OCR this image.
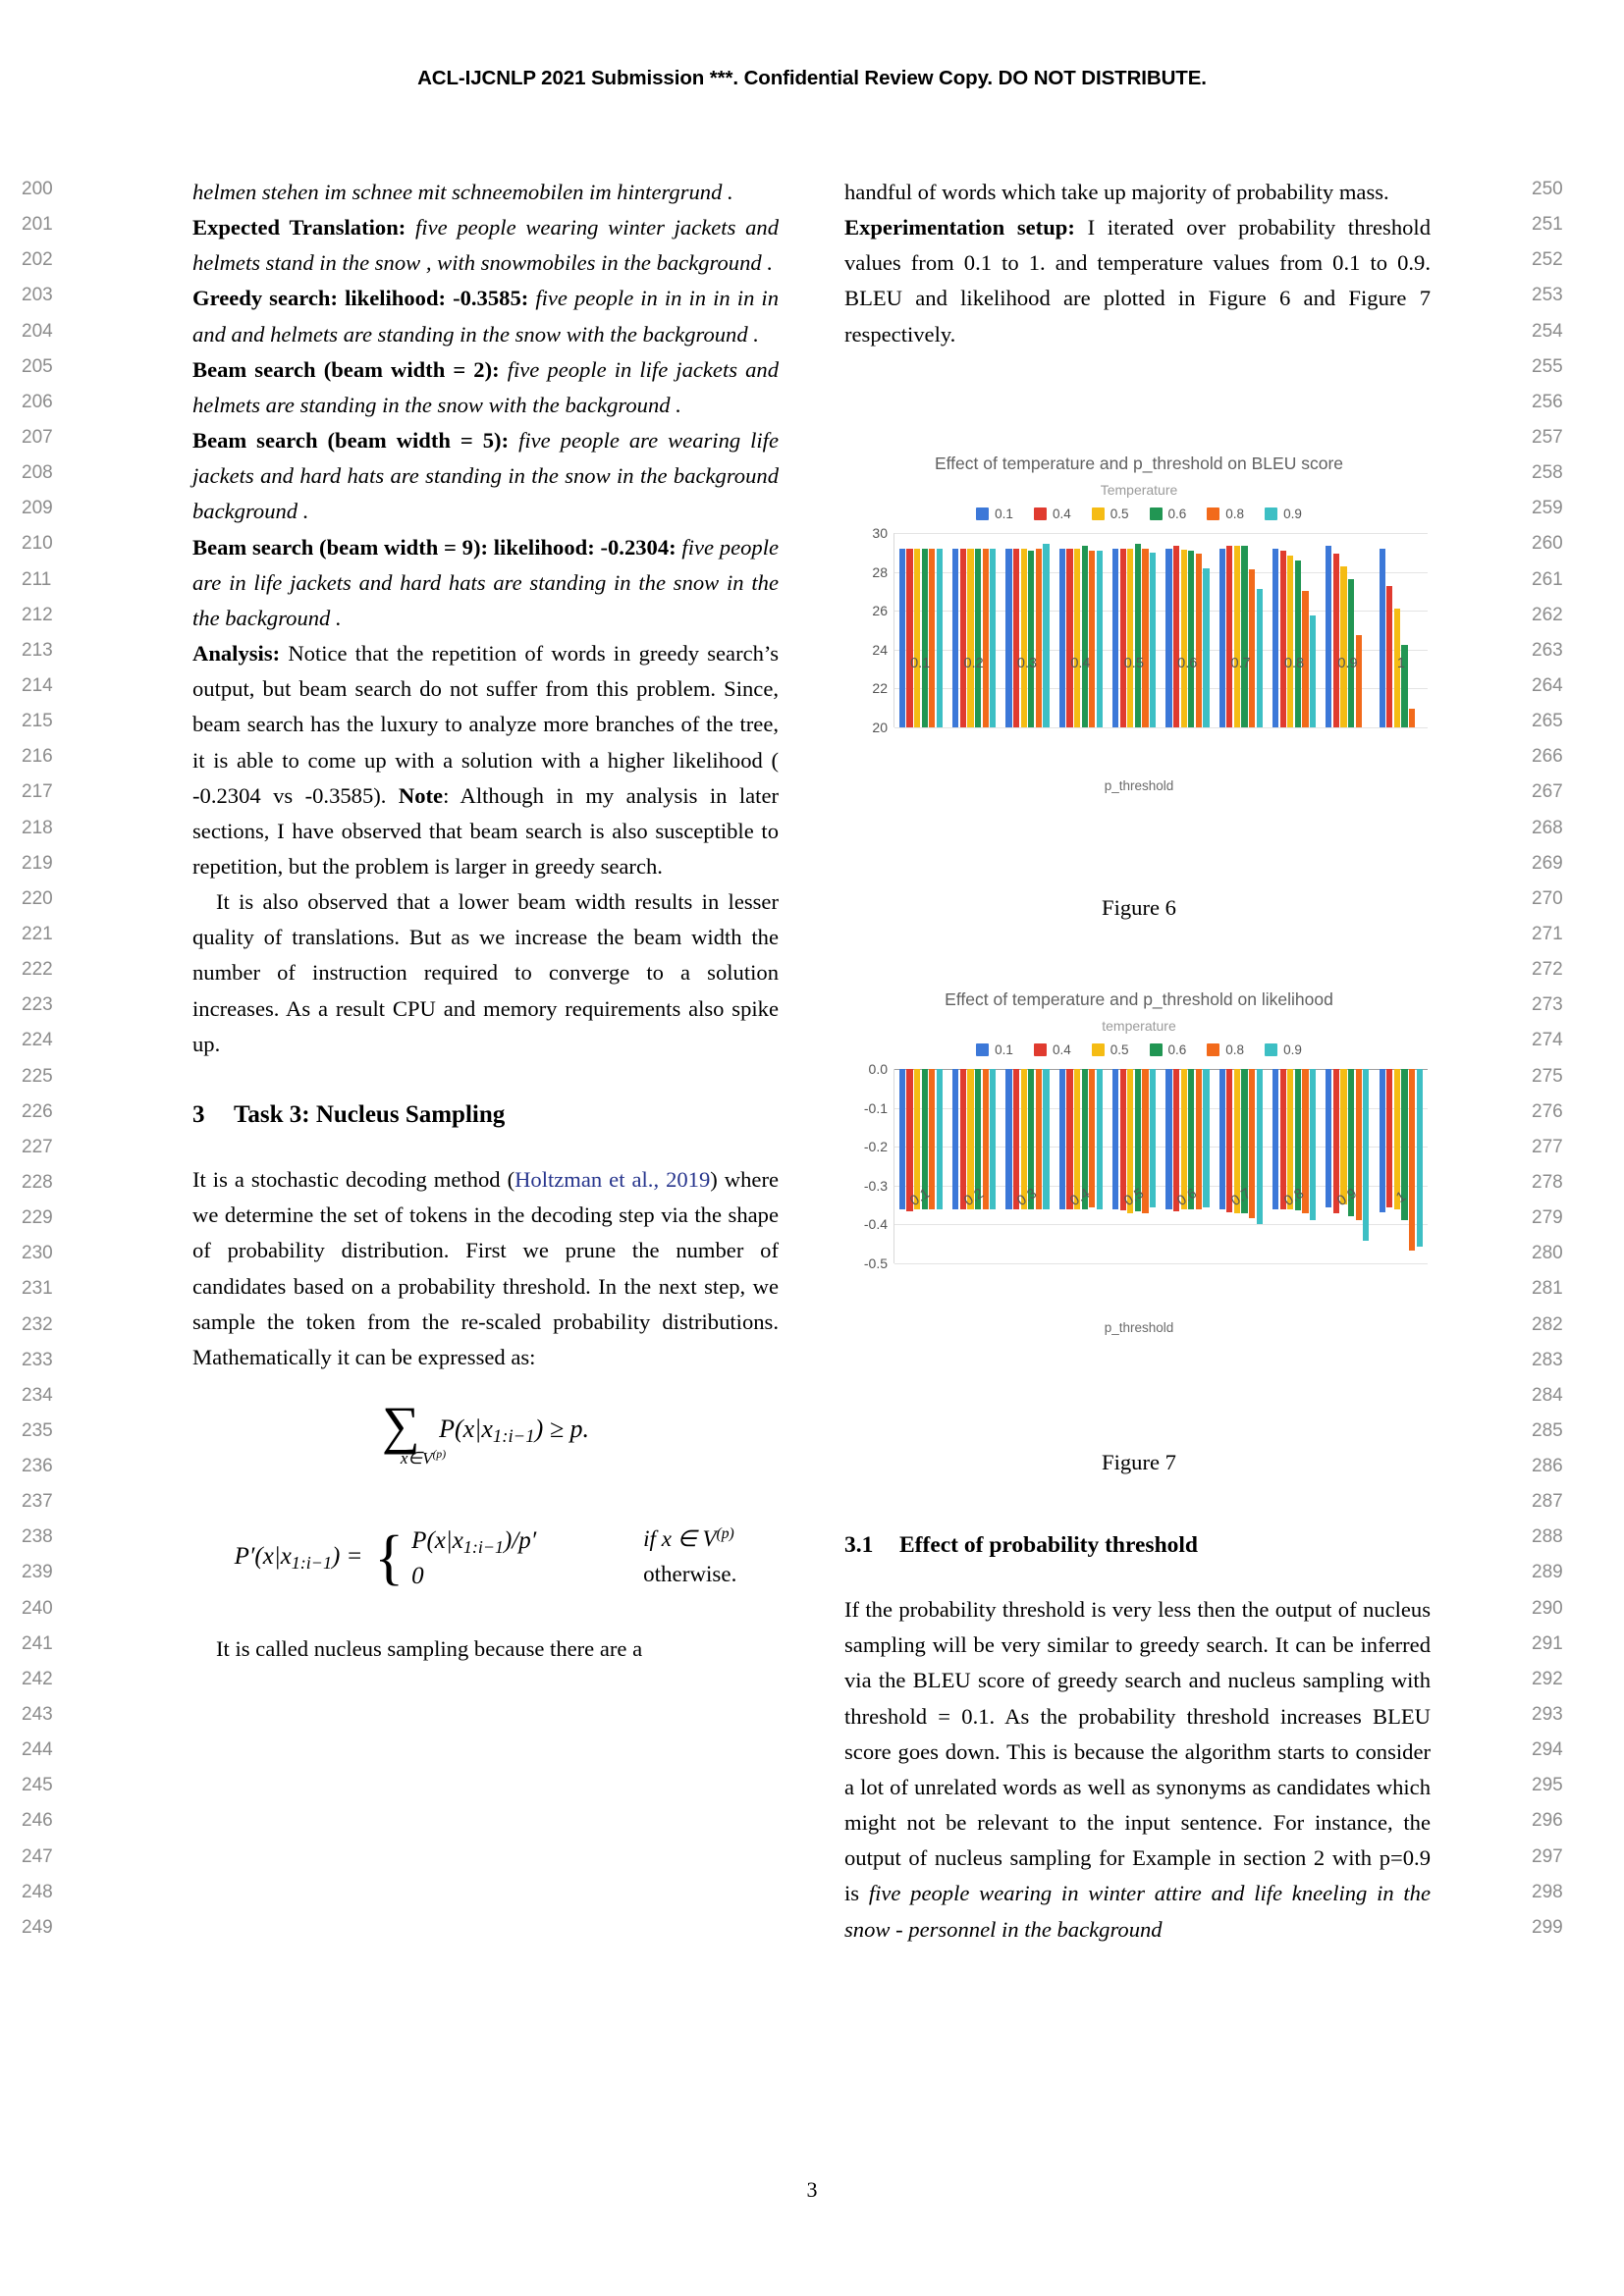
ACL-IJCNLP 2021 Submission ***. Confidential Review Copy. DO NOT DISTRIBUTE.
200
201
202
203
204
205
206
207
208
209
210
211
212
213
214
215
216
217
218
219
220
221
222
223
224
225
226
227
228
229
230
231
232
233
234
235
236
237
238
239
240
241
242
243
244
245
246
247
248
249
250
251
252
253
254
255
256
257
258
259
260
261
262
263
264
265
266
267
268
269
270
271
272
273
274
275
276
277
278
279
280
281
282
283
284
285
286
287
288
289
290
291
292
293
294
295
296
297
298
299

helmen stehen im schnee mit schneemobilen im hintergrund .

Expected Translation: five people wearing winter jackets and helmets stand in the snow , with snowmobiles in the background .

Greedy search: likelihood: -0.3585: five people in in in in in in and and helmets are standing in the snow with the background .

Beam search (beam width = 2): five people in life jackets and helmets are standing in the snow with the background .

Beam search (beam width = 5): five people are wearing life jackets and hard hats are standing in the snow in the background background .

Beam search (beam width = 9): likelihood: -0.2304: five people are in life jackets and hard hats are standing in the snow in the the background .

Analysis: Notice that the repetition of words in greedy search’s output, but beam search do not suffer from this problem. Since, beam search has the luxury to analyze more branches of the tree, it is able to come up with a solution with a higher likelihood ( -0.2304 vs -0.3585). Note: Although in my analysis in later sections, I have observed that beam search is also susceptible to repetition, but the problem is larger in greedy search.

It is also observed that a lower beam width results in lesser quality of translations. But as we increase the beam width the number of instruction required to converge to a solution increases. As a result CPU and memory requirements also spike up.

3 Task 3: Nucleus Sampling

It is a stochastic decoding method (Holtzman et al., 2019) where we determine the set of tokens in the decoding step via the shape of probability distribution. First we prune the number of candidates based on a probability threshold. In the next step, we sample the token from the re-scaled probability distributions. Mathematically it can be expressed as:

∑
$x\in V^{(p)}$
$P(x|x_{1:i-1}) \ge p$.
$P'(x|x_{1:i-1})$ = { $P(x|x_{1:i-1})/p'$	if x ∈ $V^{(p)}$
0	otherwise.

It is called nucleus sampling because there are a

handful of words which take up majority of probability mass.

Experimentation setup: I iterated over probability threshold values from 0.1 to 1. and temperature values from 0.1 to 0.9. BLEU and likelihood are plotted in Figure 6 and Figure 7 respectively.

Effect of temperature and p_threshold on BLEU score
Temperature
0.1	0.4	0.5	0.6	0.8	0.9
20
22
24
26
28
30
0.1	0.2	0.3	0.4	0.5	0.6	0.7	0.8	0.9	1
p_threshold
Figure 6
Effect of temperature and p_threshold on likelihood
temperature
0.1	0.4	0.5	0.6	0.8	0.9
0.0
-0.1
-0.2
-0.3
-0.4
-0.5
0.1	0.2	0.3	0.4	0.5	0.6	0.7	0.8	0.9	1
p_threshold
Figure 7
3.1 Effect of probability threshold

If the probability threshold is very less then the output of nucleus sampling will be very similar to greedy search. It can be inferred via the BLEU score of greedy search and nucleus sampling with threshold = 0.1. As the probability threshold increases BLEU score goes down. This is because the algorithm starts to consider a lot of unrelated words as well as synonyms as candidates which might not be relevant to the input sentence. For instance, the output of nucleus sampling for Example in section 2 with p=0.9 is five people wearing in winter attire and life kneeling in the snow - personnel in the background

3
